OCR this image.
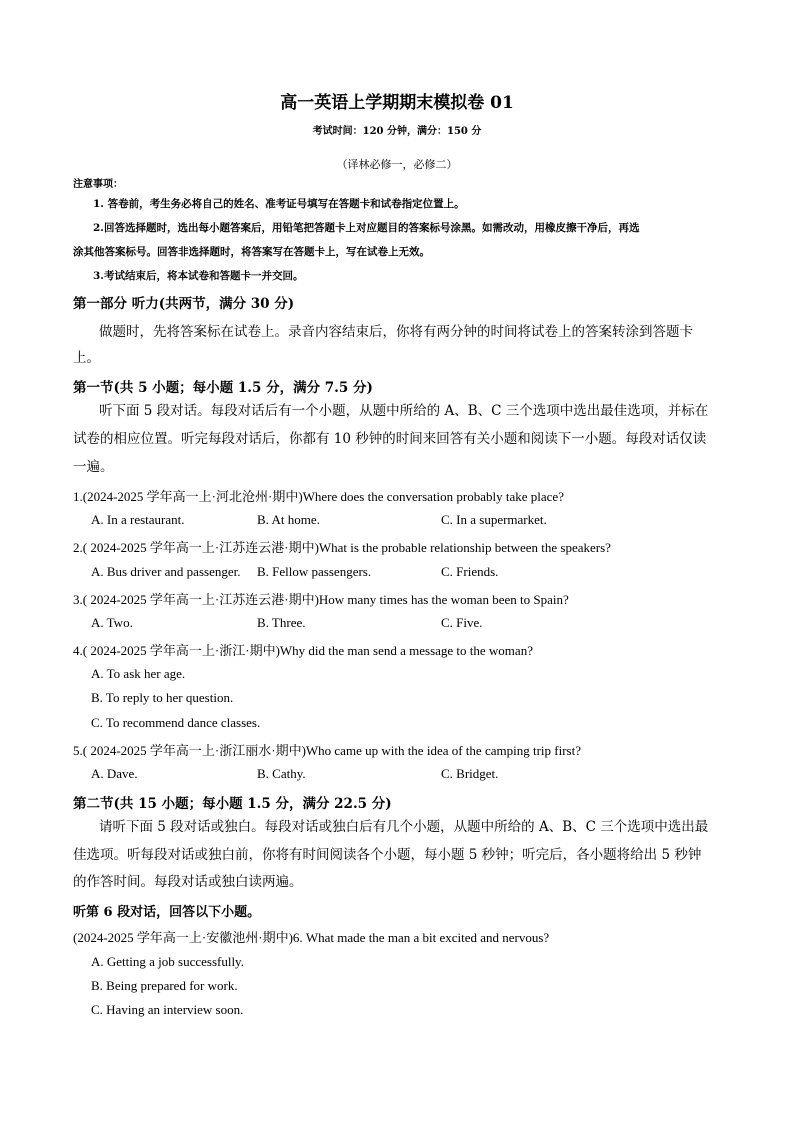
高一英语上学期期末模拟卷 01
考试时间：120 分钟，满分：150 分
（译林必修一，必修二）
注意事项：
1. 答卷前，考生务必将自己的姓名、准考证号填写在答题卡和试卷指定位置上。
2.回答选择题时，选出每小题答案后，用铅笔把答题卡上对应题目的答案标号涂黑。如需改动，用橡皮擦干净后，再选
涂其他答案标号。回答非选择题时，将答案写在答题卡上，写在试卷上无效。
3.考试结束后，将本试卷和答题卡一并交回。
第一部分 听力(共两节，满分 30 分)
做题时，先将答案标在试卷上。录音内容结束后，你将有两分钟的时间将试卷上的答案转涂到答题卡
上。
第一节(共 5 小题；每小题 1.5 分，满分 7.5 分)
听下面 5 段对话。每段对话后有一个小题，从题中所给的 A、B、C 三个选项中选出最佳选项，并标在
试卷的相应位置。听完每段对话后，你都有 10 秒钟的时间来回答有关小题和阅读下一小题。每段对话仅读
一遍。
1.(2024-2025 学年高一上·河北沧州·期中)Where does the conversation probably take place?
A. In a restaurant.	B. At home.	C. In a supermarket.
2.( 2024-2025 学年高一上·江苏连云港·期中)What is the probable relationship between the speakers?
A. Bus driver and passenger. B. Fellow passengers.	C. Friends.
3.( 2024-2025 学年高一上·江苏连云港·期中)How many times has the woman been to Spain?
A. Two.	B. Three.	C. Five.
4.( 2024-2025 学年高一上·浙江·期中)Why did the man send a message to the woman?
A. To ask her age.
B. To reply to her question.
C. To recommend dance classes.
5.( 2024-2025 学年高一上·浙江丽水·期中)Who came up with the idea of the camping trip first?
A. Dave.	B. Cathy.	C. Bridget.
第二节(共 15 小题；每小题 1.5 分，满分 22.5 分)
请听下面 5 段对话或独白。每段对话或独白后有几个小题，从题中所给的 A、B、C 三个选项中选出最
佳选项。听每段对话或独白前，你将有时间阅读各个小题，每小题 5 秒钟；听完后，各小题将给出 5 秒钟
的作答时间。每段对话或独白读两遍。
听第 6 段对话，回答以下小题。
(2024-2025 学年高一上·安徽池州·期中)6. What made the man a bit excited and nervous?
A. Getting a job successfully.
B. Being prepared for work.
C. Having an interview soon.
